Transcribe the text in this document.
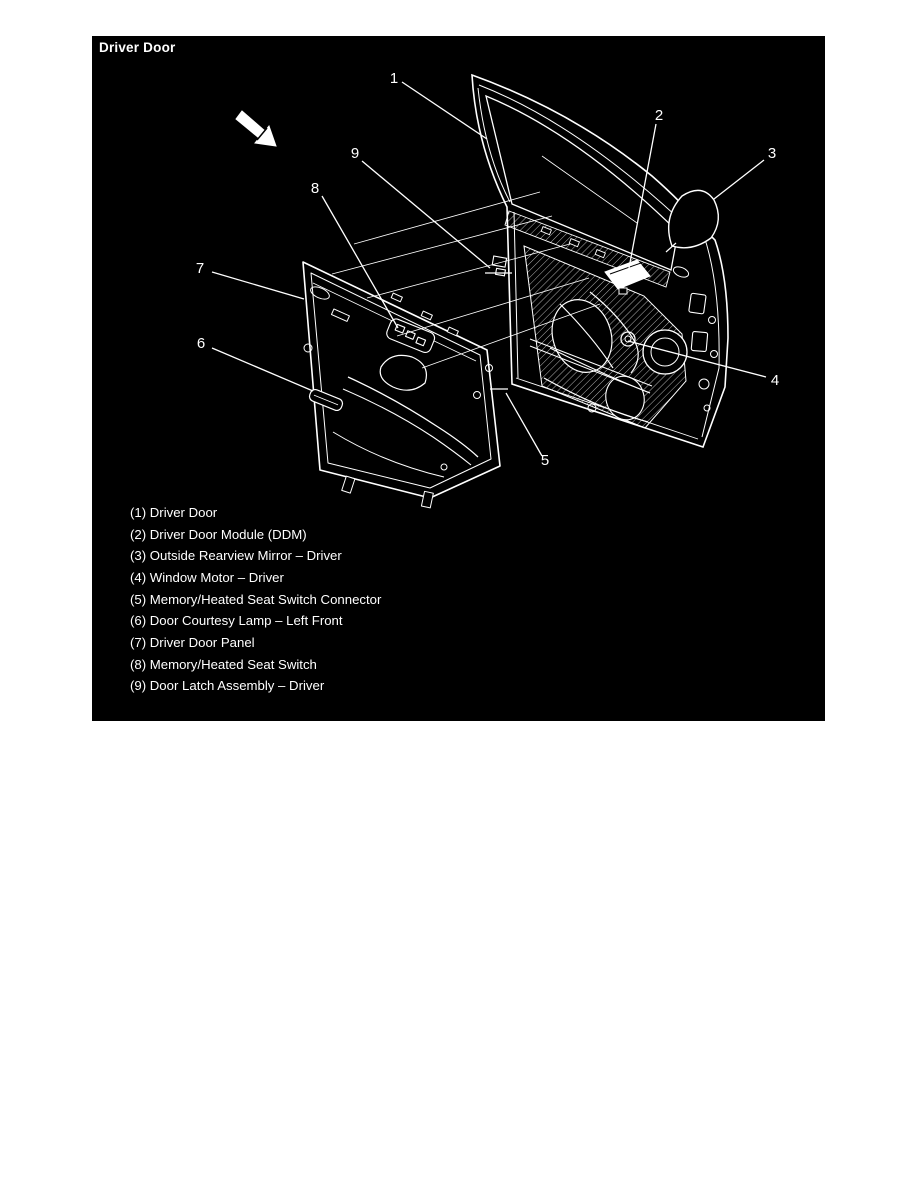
Driver Door
1
2
3
4
5
6
7
8
9
(1) Driver Door
(2) Driver Door Module (DDM)
(3) Outside Rearview Mirror – Driver
(4) Window Motor – Driver
(5) Memory/Heated Seat Switch Connector
(6) Door Courtesy Lamp – Left Front
(7) Driver Door Panel
(8) Memory/Heated Seat Switch
(9) Door Latch Assembly – Driver
